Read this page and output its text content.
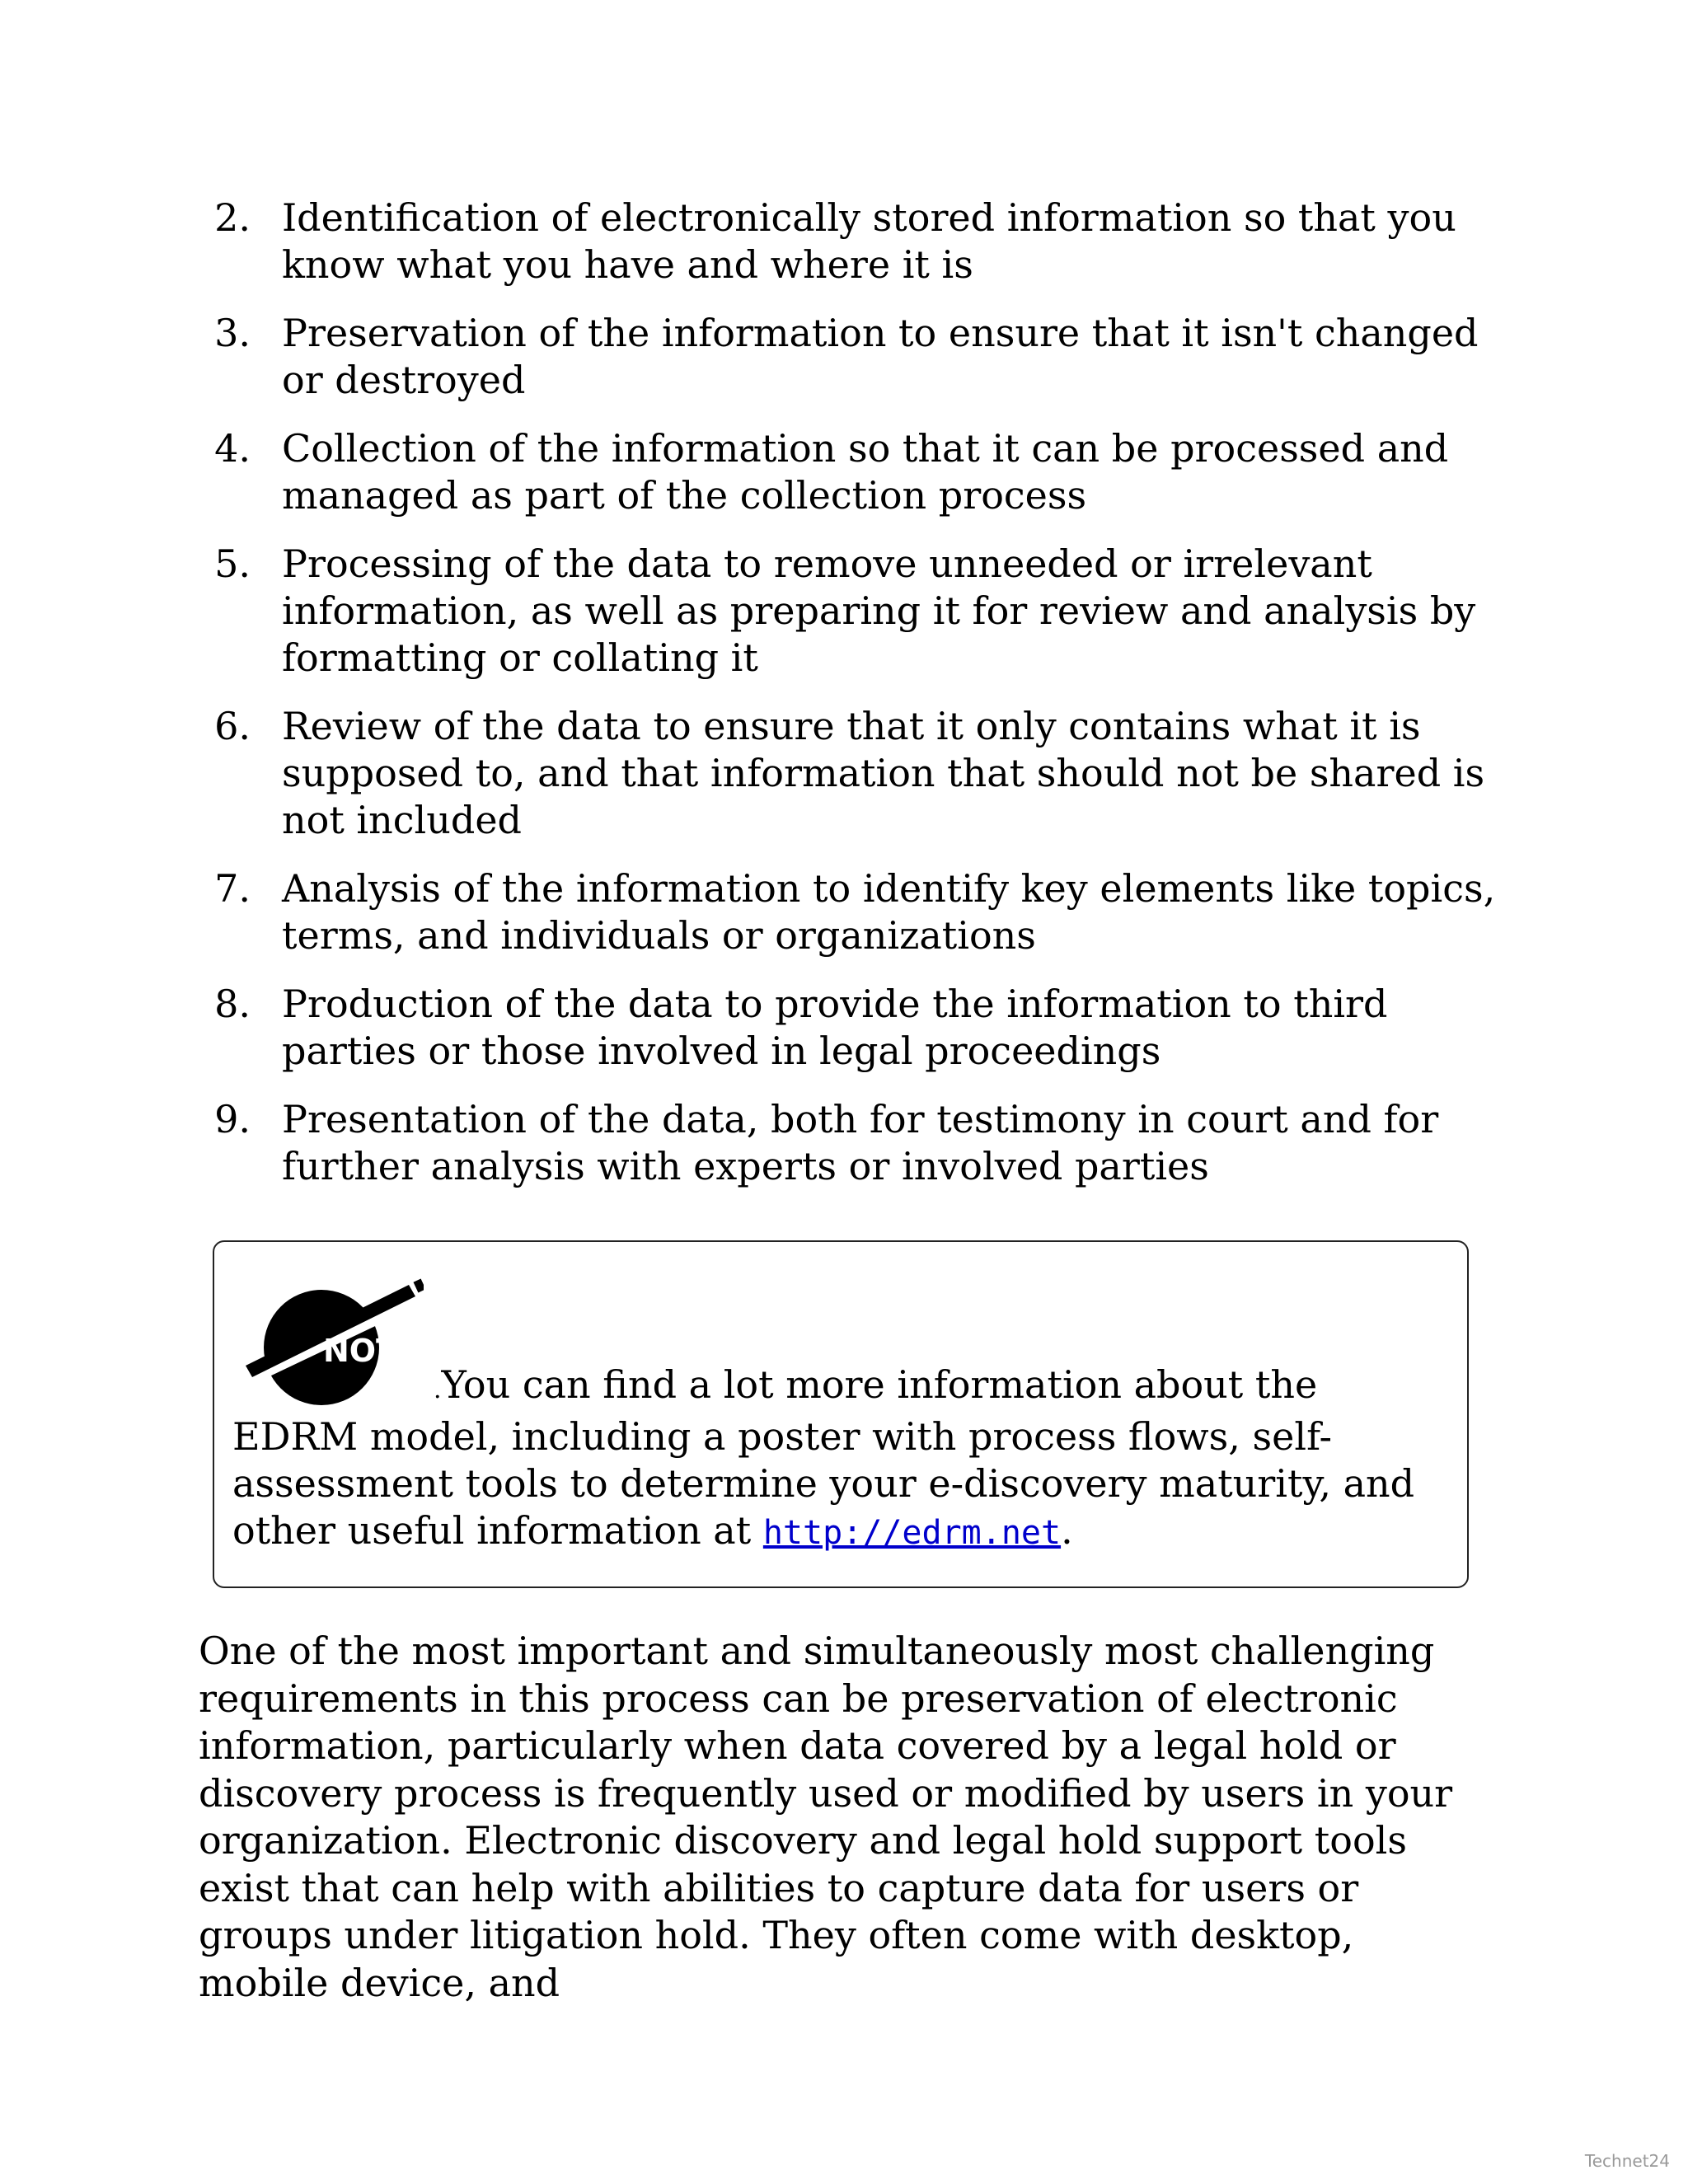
2. Identification of electronically stored information so that you know what you have and where it is
3. Preservation of the information to ensure that it isn't changed or destroyed
4. Collection of the information so that it can be processed and managed as part of the collection process
5. Processing of the data to remove unneeded or irrelevant information, as well as preparing it for review and analysis by formatting or collating it
6. Review of the data to ensure that it only contains what it is supposed to, and that information that should not be shared is not included
7. Analysis of the information to identify key elements like topics, terms, and individuals or organizations
8. Production of the data to provide the information to third parties or those involved in legal proceedings
9. Presentation of the data, both for testimony in court and for further analysis with experts or involved parties
NOTE
.You can find a lot more information about the EDRM model, including a poster with process flows, self-assessment tools to determine your e-discovery maturity, and other useful information at http://edrm.net.

One of the most important and simultaneously most challenging requirements in this process can be preservation of electronic information, particularly when data covered by a legal hold or discovery process is frequently used or modified by users in your organization. Electronic discovery and legal hold support tools exist that can help with abilities to capture data for users or groups under litigation hold. They often come with desktop, mobile device, and

Technet24
